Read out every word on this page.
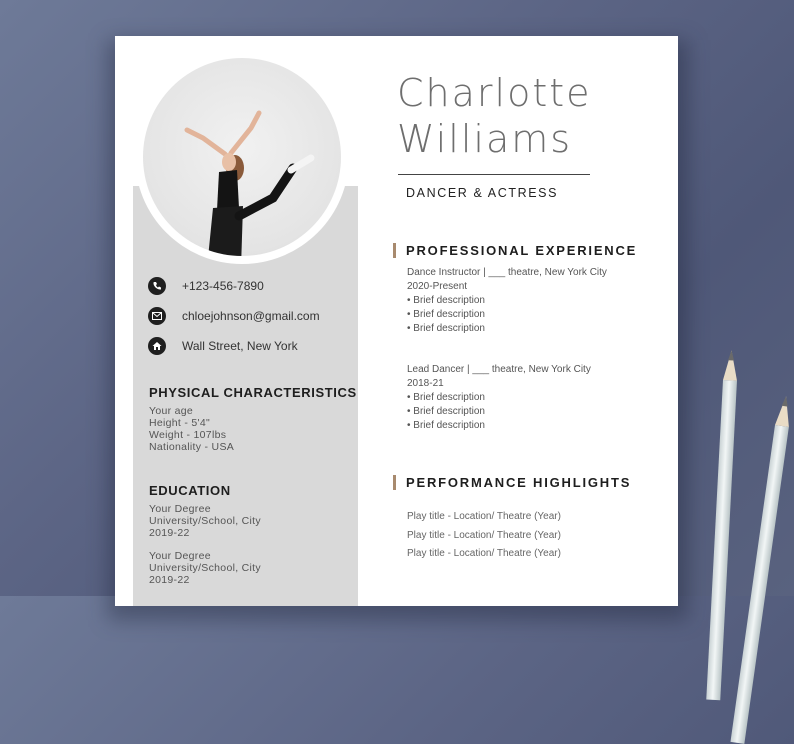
+123-456-7890
chloejohnson@gmail.com
Wall Street, New York
PHYSICAL CHARACTERISTICS
Your age
Height - 5'4"
Weight - 107lbs
Nationality - USA
EDUCATION
Your Degree
University/School, City
2019-22
Your Degree
University/School, City
2019-22
Charlotte
Williams
DANCER & ACTRESS
PROFESSIONAL EXPERIENCE
Dance Instructor | ___ theatre, New York City
2020-Present
• Brief description
• Brief description
• Brief description
Lead Dancer | ___ theatre, New York City
2018-21
• Brief description
• Brief description
• Brief description
PERFORMANCE HIGHLIGHTS
Play title - Location/ Theatre (Year)
Play title - Location/ Theatre (Year)
Play title - Location/ Theatre (Year)
